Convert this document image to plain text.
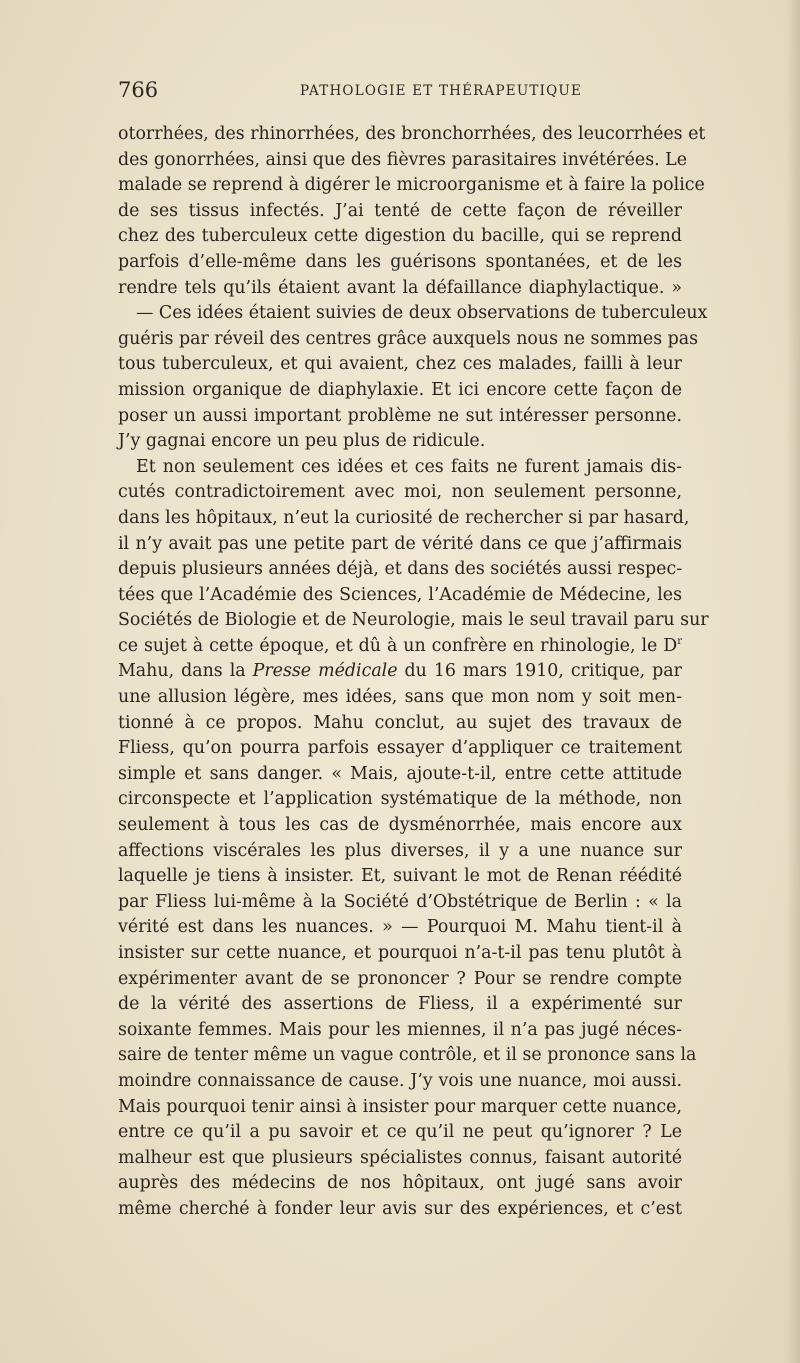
766	PATHOLOGIE ET THÉRAPEUTIQUE
otorrhées, des rhinorrhées, des bronchorrhées, des leucorrhées et
des gonorrhées, ainsi que des fièvres parasitaires invétérées. Le
malade se reprend à digérer le microorganisme et à faire la police
de ses tissus infectés. J’ai tenté de cette façon de réveiller
chez des tuberculeux cette digestion du bacille, qui se reprend
parfois d’elle-même dans les guérisons spontanées, et de les
rendre tels qu’ils étaient avant la défaillance diaphylactique. »
— Ces idées étaient suivies de deux observations de tuberculeux
guéris par réveil des centres grâce auxquels nous ne sommes pas
tous tuberculeux, et qui avaient, chez ces malades, failli à leur
mission organique de diaphylaxie. Et ici encore cette façon de
poser un aussi important problème ne sut intéresser personne.
J’y gagnai encore un peu plus de ridicule.
Et non seulement ces idées et ces faits ne furent jamais dis-
cutés contradictoirement avec moi, non seulement personne,
dans les hôpitaux, n’eut la curiosité de rechercher si par hasard,
il n’y avait pas une petite part de vérité dans ce que j’affirmais
depuis plusieurs années déjà, et dans des sociétés aussi respec-
tées que l’Académie des Sciences, l’Académie de Médecine, les
Sociétés de Biologie et de Neurologie, mais le seul travail paru sur
ce sujet à cette époque, et dû à un confrère en rhinologie, le $D^r$
Mahu, dans la Presse médicale du 16 mars 1910, critique, par
une allusion légère, mes idées, sans que mon nom y soit men-
tionné à ce propos. Mahu conclut, au sujet des travaux de
Fliess, qu’on pourra parfois essayer d’appliquer ce traitement
simple et sans danger. « Mais, ajoute-t-il, entre cette attitude
circonspecte et l’application systématique de la méthode, non
seulement à tous les cas de dysménorrhée, mais encore aux
affections viscérales les plus diverses, il y a une nuance sur
laquelle je tiens à insister. Et, suivant le mot de Renan réédité
par Fliess lui-même à la Société d’Obstétrique de Berlin : « la
vérité est dans les nuances. » — Pourquoi M. Mahu tient-il à
insister sur cette nuance, et pourquoi n’a-t-il pas tenu plutôt à
expérimenter avant de se prononcer ? Pour se rendre compte
de la vérité des assertions de Fliess, il a expérimenté sur
soixante femmes. Mais pour les miennes, il n’a pas jugé néces-
saire de tenter même un vague contrôle, et il se prononce sans la
moindre connaissance de cause. J’y vois une nuance, moi aussi.
Mais pourquoi tenir ainsi à insister pour marquer cette nuance,
entre ce qu’il a pu savoir et ce qu’il ne peut qu’ignorer ? Le
malheur est que plusieurs spécialistes connus, faisant autorité
auprès des médecins de nos hôpitaux, ont jugé sans avoir
même cherché à fonder leur avis sur des expériences, et c’est
